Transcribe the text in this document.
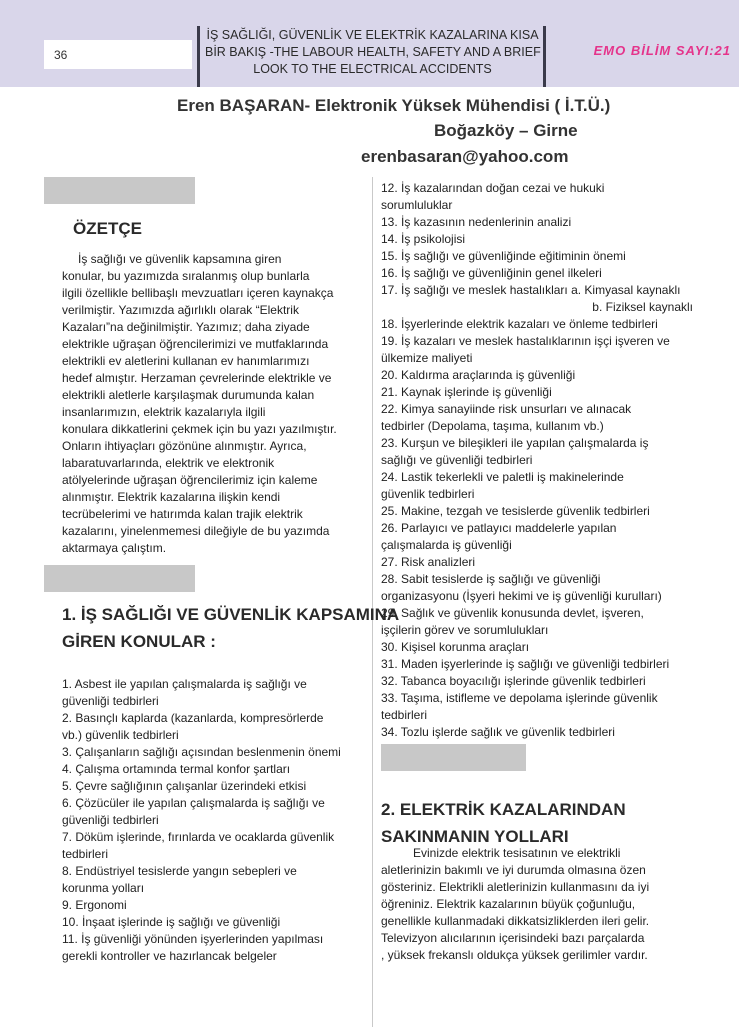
36
İŞ SAĞLIĞI, GÜVENLİK VE ELEKTRİK KAZALARINA KISA
BİR BAKIŞ -THE LABOUR HEALTH, SAFETY AND A BRIEF
LOOK TO THE ELECTRICAL ACCIDENTS
EMO BİLİM SAYI:21
Eren BAŞARAN- Elektronik Yüksek Mühendisi ( İ.T.Ü.)
Boğazköy – Girne
erenbasaran@yahoo.com
ÖZETÇE

İş sağlığı ve güvenlik kapsamına giren

konular, bu yazımızda sıralanmış olup bunlarla

ilgili özellikle bellibaşlı mevzuatları içeren kaynakça

verilmiştir. Yazımızda ağırlıklı olarak “Elektrik

Kazaları”na değinilmiştir. Yazımız; daha ziyade

elektrikle uğraşan öğrencilerimizi ve mutfaklarında

elektrikli ev aletlerini kullanan ev hanımlarımızı

hedef almıştır. Herzaman çevrelerinde elektrikle ve

elektrikli aletlerle karşılaşmak durumunda kalan

insanlarımızın, elektrik kazalarıyla ilgili

konulara dikkatlerini çekmek için bu yazı yazılmıştır.

Onların ihtiyaçları gözönüne alınmıştır. Ayrıca,

labaratuvarlarında, elektrik ve elektronik

atölyelerinde uğraşan öğrencilerimiz için kaleme

alınmıştır. Elektrik kazalarına ilişkin kendi

tecrübelerimi ve hatırımda kalan trajik elektrik

kazalarını, yinelenmemesi dileğiyle de bu yazımda

aktarmaya çalıştım.

1. İŞ SAĞLIĞI VE GÜVENLİK KAPSAMINA
GİREN KONULAR :

1. Asbest ile yapılan çalışmalarda iş sağlığı ve

güvenliği tedbirleri

2. Basınçlı kaplarda (kazanlarda, kompresörlerde

vb.) güvenlik tedbirleri

3. Çalışanların sağlığı açısından beslenmenin önemi

4. Çalışma ortamında termal konfor şartları

5. Çevre sağlığının çalışanlar üzerindeki etkisi

6. Çözücüler ile yapılan çalışmalarda iş sağlığı ve

güvenliği tedbirleri

7. Döküm işlerinde, fırınlarda ve ocaklarda güvenlik

tedbirleri

8. Endüstriyel tesislerde yangın sebepleri ve

korunma yolları

9. Ergonomi

10. İnşaat işlerinde iş sağlığı ve güvenliği

11. İş güvenliği yönünden işyerlerinden yapılması

gerekli kontroller ve hazırlancak belgeler

12. İş kazalarından doğan cezai ve hukuki

sorumluluklar

13. İş kazasının nedenlerinin analizi

14. İş psikolojisi

15. İş sağlığı ve güvenliğinde eğitiminin önemi

16. İş sağlığı ve güvenliğinin genel ilkeleri

17. İş sağlığı ve meslek hastalıkları a. Kimyasal kaynaklı

b. Fiziksel kaynaklı

18. İşyerlerinde elektrik kazaları ve önleme tedbirleri

19. İş kazaları ve meslek hastalıklarının işçi işveren ve

ülkemize maliyeti

20. Kaldırma araçlarında iş güvenliği

21. Kaynak işlerinde iş güvenliği

22. Kimya sanayiinde risk unsurları ve alınacak

tedbirler (Depolama, taşıma, kullanım vb.)

23. Kurşun ve bileşikleri ile yapılan çalışmalarda iş

sağlığı ve güvenliği tedbirleri

24. Lastik tekerlekli ve paletli iş makinelerinde

güvenlik tedbirleri

25. Makine, tezgah ve tesislerde güvenlik tedbirleri

26. Parlayıcı ve patlayıcı maddelerle yapılan

çalışmalarda iş güvenliği

27. Risk analizleri

28. Sabit tesislerde iş sağlığı ve güvenliği

organizasyonu (İşyeri hekimi ve iş güvenliği kurulları)

29. Sağlık ve güvenlik konusunda devlet, işveren,

işçilerin görev ve sorumlulukları

30. Kişisel korunma araçları

31. Maden işyerlerinde iş sağlığı ve güvenliği tedbirleri

32. Tabanca boyacılığı işlerinde güvenlik tedbirleri

33. Taşıma, istifleme ve depolama işlerinde güvenlik

tedbirleri

34. Tozlu işlerde sağlık ve güvenlik tedbirleri

2. ELEKTRİK KAZALARINDAN
SAKINMANIN YOLLARI

Evinizde elektrik tesisatının ve elektrikli

aletlerinizin bakımlı ve iyi durumda olmasına özen

gösteriniz. Elektrikli aletlerinizin kullanmasını da iyi

öğreniniz. Elektrik kazalarının büyük çoğunluğu,

genellikle kullanmadaki dikkatsizliklerden ileri gelir.

Televizyon alıcılarının içerisindeki bazı parçalarda

, yüksek frekanslı oldukça yüksek gerilimler vardır.
